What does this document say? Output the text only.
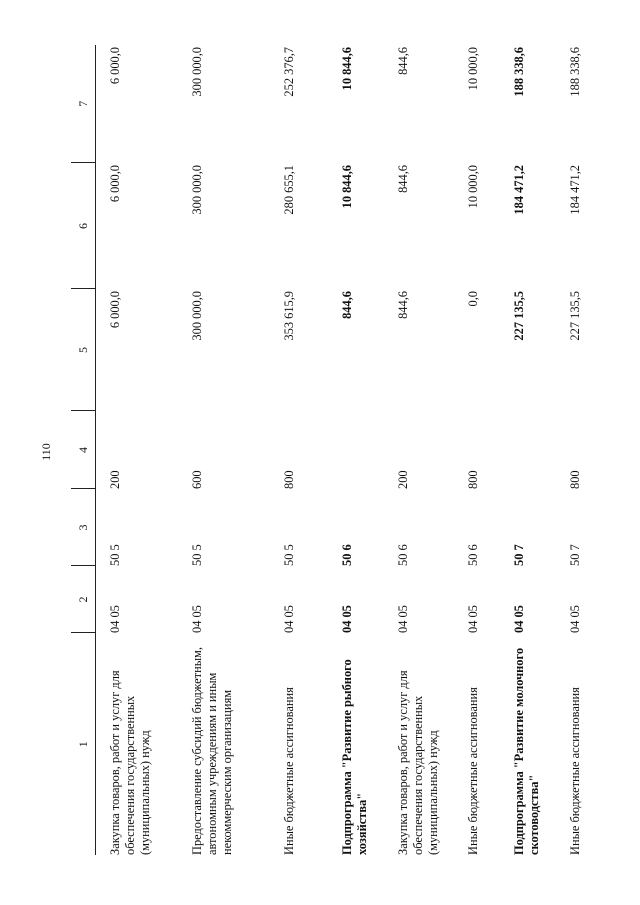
110
1	2	3	4	5	6	7
Закупка товаров, работ и услуг для обеспечения государственных (муниципальных) нужд	04 05	50 5	200	6 000,0	6 000,0	6 000,0
Предоставление субсидий бюджетным, автономным учреждениям и иным некоммерческим организациям	04 05	50 5	600	300 000,0	300 000,0	300 000,0
Иные бюджетные ассигнования	04 05	50 5	800	353 615,9	280 655,1	252 376,7
Подпрограмма "Развитие рыбного хозяйства"	04 05	50 6		844,6	10 844,6	10 844,6
Закупка товаров, работ и услуг для обеспечения государственных (муниципальных) нужд	04 05	50 6	200	844,6	844,6	844,6
Иные бюджетные ассигнования	04 05	50 6	800	0,0	10 000,0	10 000,0
Подпрограмма "Развитие молочного скотоводства"	04 05	50 7		227 135,5	184 471,2	188 338,6
Иные бюджетные ассигнования	04 05	50 7	800	227 135,5	184 471,2	188 338,6
